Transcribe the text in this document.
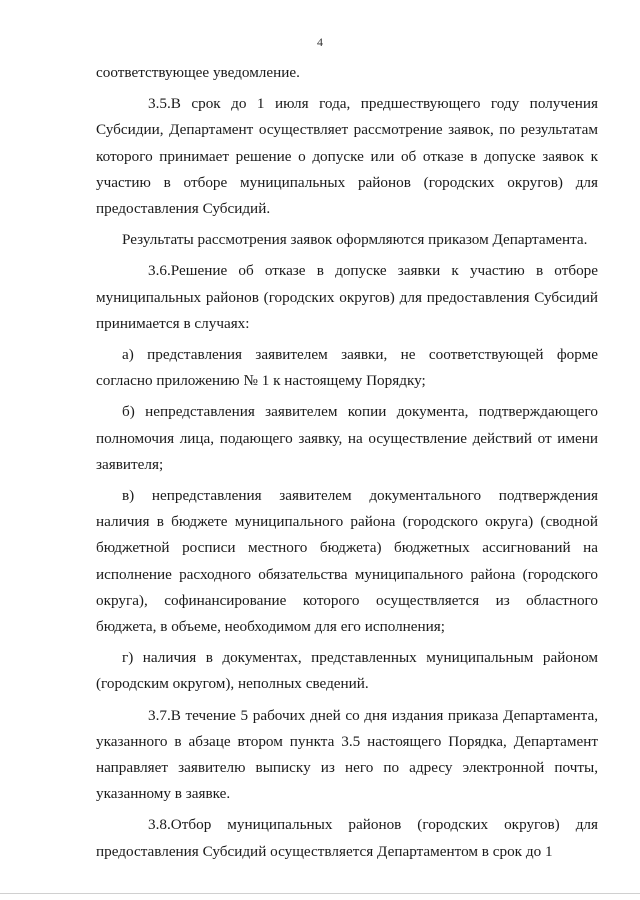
4

соответствующее уведомление.

3.5.В срок до 1 июля года, предшествующего году получения Субсидии, Департамент осуществляет рассмотрение заявок, по результатам которого принимает решение о допуске или об отказе в допуске заявок к участию в отборе муниципальных районов (городских округов) для предоставления Субсидий.

Результаты рассмотрения заявок оформляются приказом Департамента.

3.6.Решение об отказе в допуске заявки к участию в отборе муниципальных районов (городских округов) для предоставления Субсидий принимается в случаях:

а) представления заявителем заявки, не соответствующей форме согласно приложению № 1 к настоящему Порядку;

б) непредставления заявителем копии документа, подтверждающего полномочия лица, подающего заявку, на осуществление действий от имени заявителя;

в) непредставления заявителем документального подтверждения наличия в бюджете муниципального района (городского округа) (сводной бюджетной росписи местного бюджета) бюджетных ассигнований на исполнение расходного обязательства муниципального района (городского округа), софинансирование которого осуществляется из областного бюджета, в объеме, необходимом для его исполнения;

г) наличия в документах, представленных муниципальным районом (городским округом), неполных сведений.

3.7.В течение 5 рабочих дней со дня издания приказа Департамента, указанного в абзаце втором пункта 3.5 настоящего Порядка, Департамент направляет заявителю выписку из него по адресу электронной почты, указанному в заявке.

3.8.Отбор муниципальных районов (городских округов) для предоставления Субсидий осуществляется Департаментом в срок до 1
